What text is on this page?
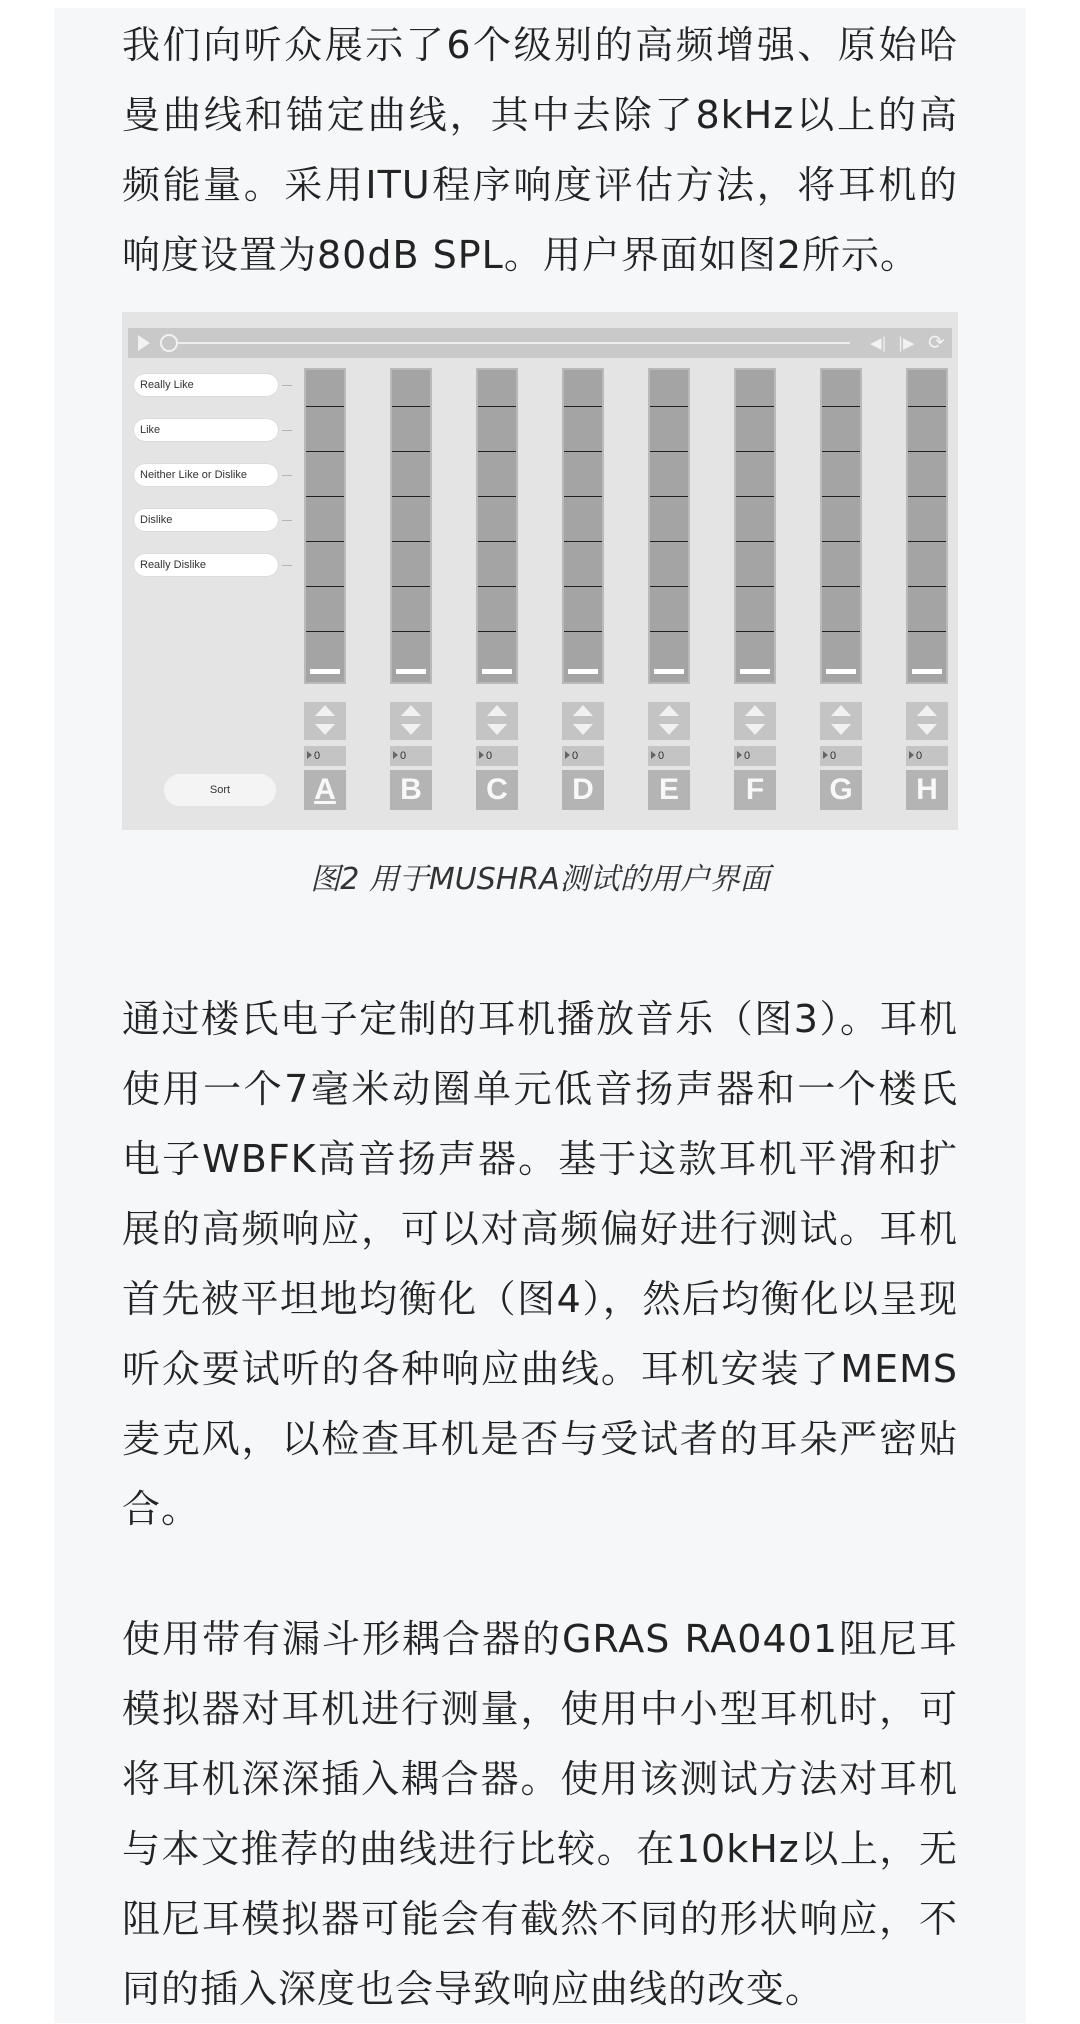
我们向听众展示了6个级别的高频增强、原始哈曼曲线和锚定曲线，其中去除了8kHz以上的高频能量。采用ITU程序响度评估方法，将耳机的响度设置为80dB SPL。用户界面如图2所示。

◀| |▶ ⟳
Really Like
Like
Neither Like or Dislike
Dislike
Really Dislike
0
A
0
B
0
C
0
D
0
E
0
F
0
G
0
H
Sort
图2 用于MUSHRA测试的用户界面

通过楼氏电子定制的耳机播放音乐（图3）。耳机使用一个7毫米动圈单元低音扬声器和一个楼氏电子WBFK高音扬声器。基于这款耳机平滑和扩展的高频响应，可以对高频偏好进行测试。耳机首先被平坦地均衡化（图4），然后均衡化以呈现听众要试听的各种响应曲线。耳机安装了MEMS麦克风，以检查耳机是否与受试者的耳朵严密贴合。

使用带有漏斗形耦合器的GRAS RA0401阻尼耳模拟器对耳机进行测量，使用中小型耳机时，可将耳机深深插入耦合器。使用该测试方法对耳机与本文推荐的曲线进行比较。在10kHz以上，无阻尼耳模拟器可能会有截然不同的形状响应，不同的插入深度也会导致响应曲线的改变。
